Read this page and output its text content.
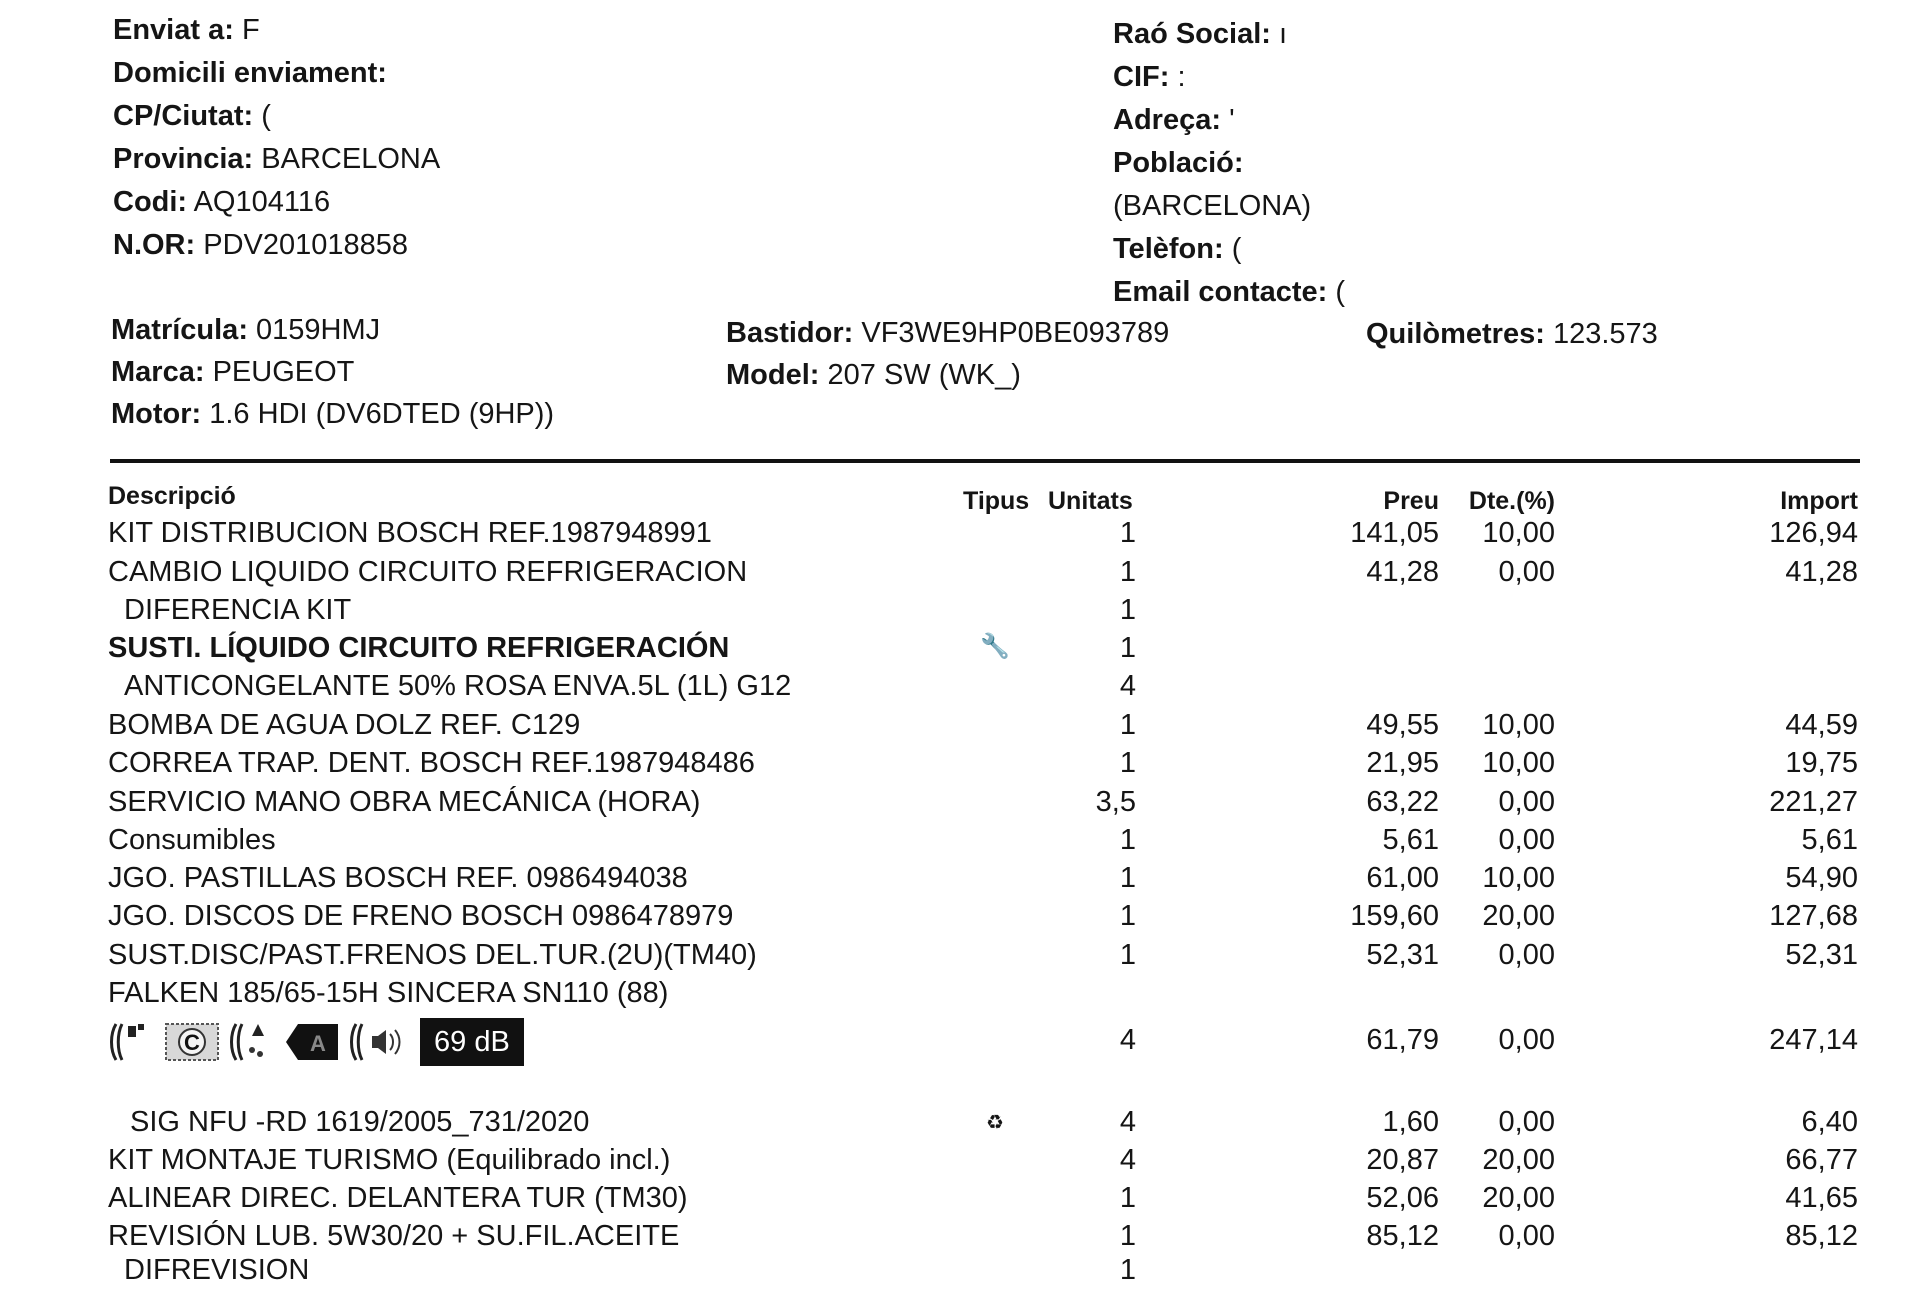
Enviat a: F
Domicili enviament:
CP/Ciutat: (
Provincia: BARCELONA
Codi: AQ104116
N.OR: PDV201018858
Raó Social: ı
CIF: :
Adreça: '
Població:
(BARCELONA)
Telèfon: (
Email contacte: (
Matrícula: 0159HMJ
Marca: PEUGEOT
Motor: 1.6 HDI (DV6DTED (9HP))
Bastidor: VF3WE9HP0BE093789
Model: 207 SW (WK_)
Quilòmetres: 123.573
Descripció	Tipus Unitats	Preu Dte.(%)	Import
KIT DISTRIBUCION BOSCH REF.1987948991	1	141,05 10,00	126,94
CAMBIO LIQUIDO CIRCUITO REFRIGERACION	1	41,28 0,00	41,28
DIFERENCIA KIT	1
SUSTI. LÍQUIDO CIRCUITO REFRIGERACIÓN	🔧	1
ANTICONGELANTE 50% ROSA ENVA.5L (1L) G12	4
BOMBA DE AGUA DOLZ REF. C129	1	49,55 10,00	44,59
CORREA TRAP. DENT. BOSCH REF.1987948486	1	21,95 10,00	19,75
SERVICIO MANO OBRA MECÁNICA (HORA)	3,5	63,22 0,00	221,27
Consumibles	1	5,61 0,00	5,61
JGO. PASTILLAS BOSCH REF. 0986494038	1	61,00 10,00	54,90
JGO. DISCOS DE FRENO BOSCH 0986478979	1	159,60 20,00	127,68
SUST.DISC/PAST.FRENOS DEL.TUR.(2U)(TM40)	1	52,31 0,00	52,31
FALKEN 185/65-15H SINCERA SN110 (88)
C	A	69 dB	4	61,79 0,00	247,14
SIG NFU -RD 1619/2005_731/2020	♻	4	1,60 0,00	6,40
KIT MONTAJE TURISMO (Equilibrado incl.)	4	20,87 20,00	66,77
ALINEAR DIREC. DELANTERA TUR (TM30)	1	52,06 20,00	41,65
REVISIÓN LUB. 5W30/20 + SU.FIL.ACEITE	1	85,12 0,00	85,12
DIFREVISION	1
